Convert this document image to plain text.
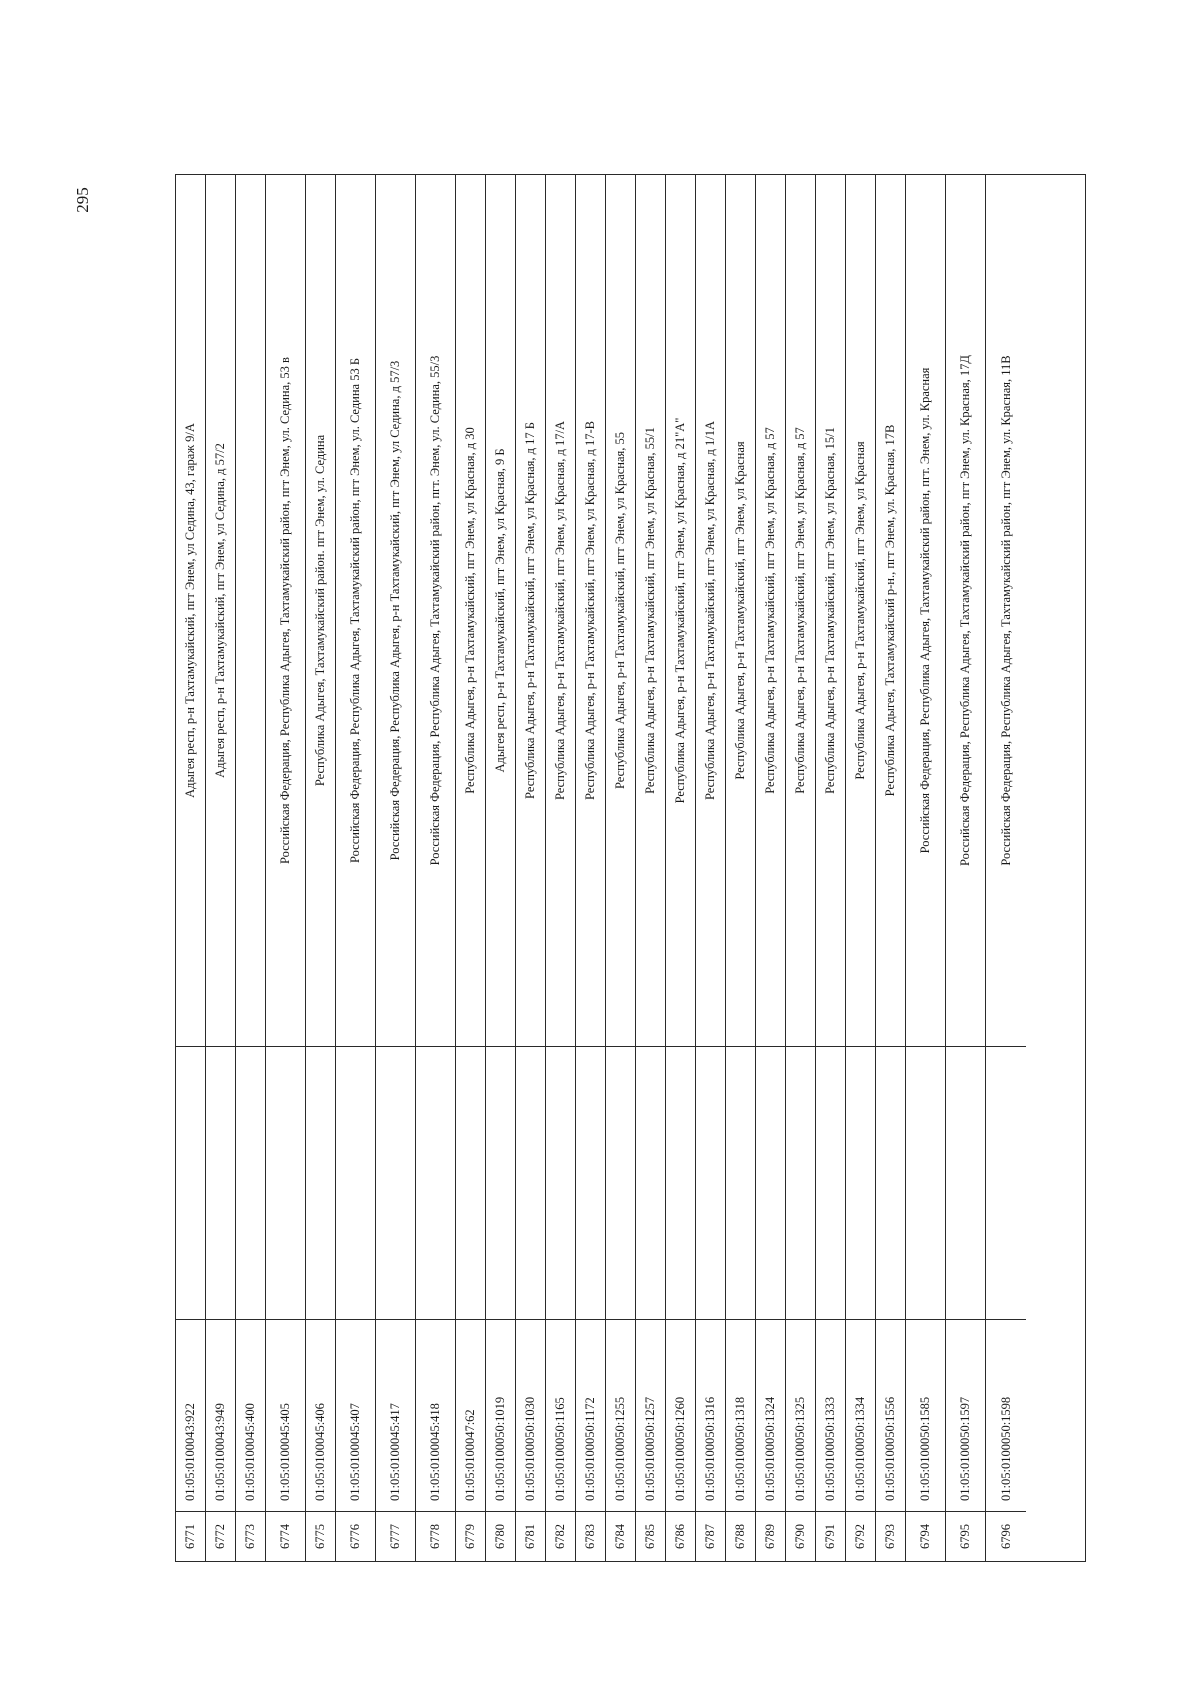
295
6771
01:05:0100043:922
Адыгея респ, р-н Тахтамукайский, пгт Энем, ул Седина, 43, гараж 9/А
6772
01:05:0100043:949
Адыгея респ, р-н Тахтамукайский, пгт Энем, ул Седина, д 57/2
6773
01:05:0100045:400
6774
01:05:0100045:405
Российская Федерация, Республика Адыгея, Тахтамукайский район, пгт Энем, ул. Седина, 53 в
6775
01:05:0100045:406
Республика Адыгея, Тахтамукайский район. пгт Энем, ул. Седина
6776
01:05:0100045:407
Российская Федерация, Республика Адыгея, Тахтамукайский район, пгт Энем, ул. Седина 53 Б
6777
01:05:0100045:417
Российская Федерация, Республика Адыгея, р-н Тахтамукайский, пгт Энем, ул Седина, д 57/3
6778
01:05:0100045:418
Российская Федерация, Республика Адыгея, Тахтамукайский район, пгт. Энем, ул. Седина, 55/3
6779
01:05:0100047:62
Республика Адыгея, р-н Тахтамукайский, пгт Энем, ул Красная, д 30
6780
01:05:0100050:1019
Адыгея респ, р-н Тахтамукайский, пгт Энем, ул Красная, 9 Б
6781
01:05:0100050:1030
Республика Адыгея, р-н Тахтамукайский, пгт Энем, ул Красная, д 17 Б
6782
01:05:0100050:1165
Республика Адыгея, р-н Тахтамукайский, пгт Энем, ул Красная, д 17/А
6783
01:05:0100050:1172
Республика Адыгея, р-н Тахтамукайский, пгт Энем, ул Красная, д 17-В
6784
01:05:0100050:1255
Республика Адыгея, р-н Тахтамукайский, пгт Энем, ул Красная, 55
6785
01:05:0100050:1257
Республика Адыгея, р-н Тахтамукайский, пгт Энем, ул Красная, 55/1
6786
01:05:0100050:1260
Республика Адыгея, р-н Тахтамукайский, пгт Энем, ул Красная, д 21"А"
6787
01:05:0100050:1316
Республика Адыгея, р-н Тахтамукайский, пгт Энем, ул Красная, д 1/1А
6788
01:05:0100050:1318
Республика Адыгея, р-н Тахтамукайский, пгт Энем, ул Красная
6789
01:05:0100050:1324
Республика Адыгея, р-н Тахтамукайский, пгт Энем, ул Красная, д 57
6790
01:05:0100050:1325
Республика Адыгея, р-н Тахтамукайский, пгт Энем, ул Красная, д 57
6791
01:05:0100050:1333
Республика Адыгея, р-н Тахтамукайский, пгт Энем, ул Красная, 15/1
6792
01:05:0100050:1334
Республика Адыгея, р-н Тахтамукайский, пгт Энем, ул Красная
6793
01:05:0100050:1556
Республика Адыгея, Тахтамукайский р-н., пгт Энем, ул. Красная, 17В
6794
01:05:0100050:1585
Российская Федерация, Республика Адыгея, Тахтамукайский район, пгт. Энем, ул. Красная
6795
01:05:0100050:1597
Российская Федерация, Республика Адыгея, Тахтамукайский район, пгт Энем, ул. Красная, 17Д
6796
01:05:0100050:1598
Российская Федерация, Республика Адыгея, Тахтамукайский район, пгт Энем, ул. Красная, 11В
